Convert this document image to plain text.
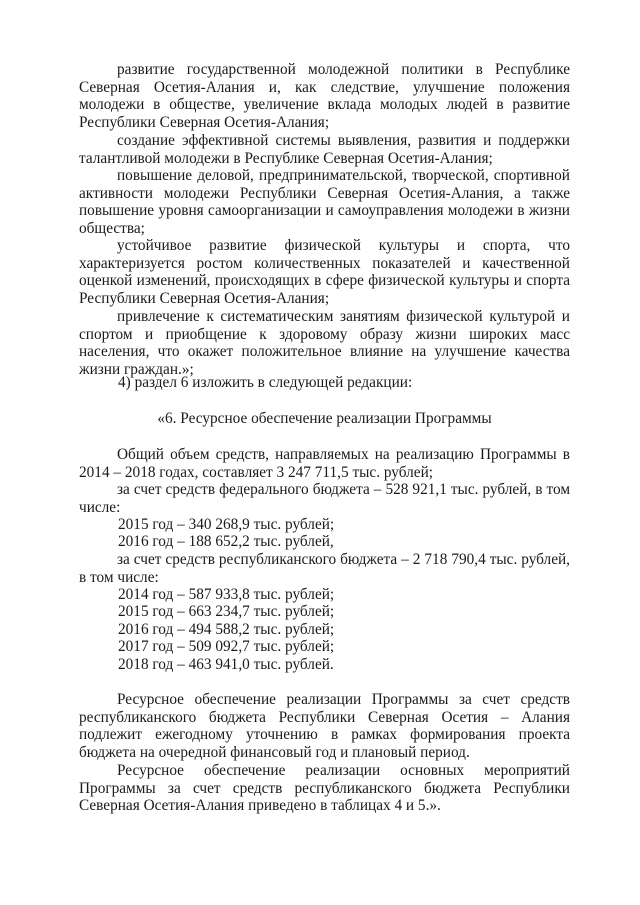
развитие государственной молодежной политики в Республике Северная Осетия-Алания и, как следствие, улучшение положения молодежи в обществе, увеличение вклада молодых людей в развитие Республики Северная Осетия-Алания;

создание эффективной системы выявления, развития и поддержки талантливой молодежи в Республике Северная Осетия-Алания;

повышение деловой, предпринимательской, творческой, спортивной активности молодежи Республики Северная Осетия-Алания, а также повышение уровня самоорганизации и самоуправления молодежи в жизни общества;

устойчивое развитие физической культуры и спорта, что характеризуется ростом количественных показателей и качественной оценкой изменений, происходящих в сфере физической культуры и спорта Республики Северная Осетия-Алания;

привлечение к систематическим занятиям физической культурой и спортом и приобщение к здоровому образу жизни широких масс населения, что окажет положительное влияние на улучшение качества жизни граждан.»;

4) раздел 6 изложить в следующей редакции:

«6. Ресурсное обеспечение реализации Программы

Общий объем средств, направляемых на реализацию Программы в 2014 – 2018 годах, составляет 3 247 711,5 тыс. рублей;

за счет средств федерального бюджета – 528 921,1 тыс. рублей, в том числе:

2015 год – 340 268,9 тыс. рублей;

2016 год – 188 652,2 тыс. рублей,

за счет средств республиканского бюджета – 2 718 790,4 тыс. рублей, в том числе:

2014 год – 587 933,8 тыс. рублей;

2015 год – 663 234,7 тыс. рублей;

2016 год – 494 588,2 тыс. рублей;

2017 год – 509 092,7 тыс. рублей;

2018 год – 463 941,0 тыс. рублей.

Ресурсное обеспечение реализации Программы за счет средств республиканского бюджета Республики Северная Осетия – Алания подлежит ежегодному уточнению в рамках формирования проекта бюджета на очередной финансовый год и плановый период.

Ресурсное обеспечение реализации основных мероприятий Программы за счет средств республиканского бюджета Республики Северная Осетия-Алания приведено в таблицах 4 и 5.».
